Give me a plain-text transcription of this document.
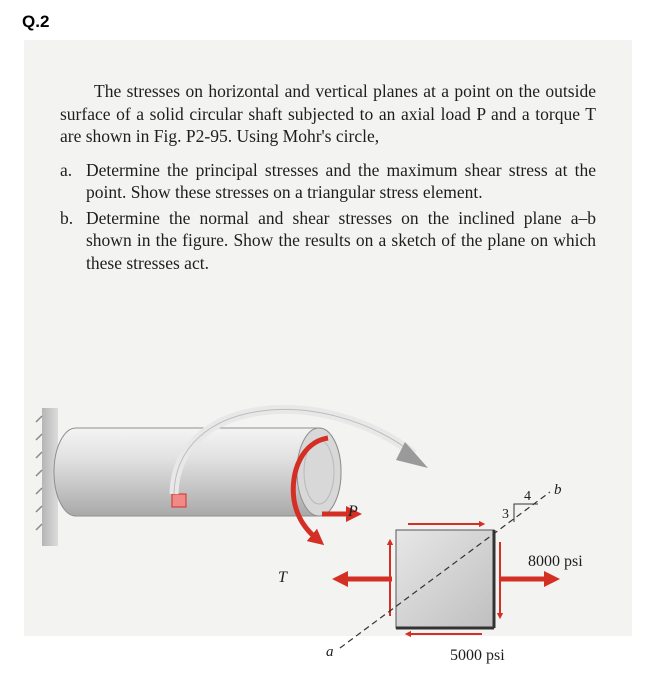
Q.2

The stresses on horizontal and vertical planes at a point on the outside surface of a solid circular shaft subjected to an axial load P and a torque T are shown in Fig. P2-95. Using Mohr's circle,

a. Determine the principal stresses and the maximum shear stress at the point. Show these stresses on a triangular stress element.
b. Determine the normal and shear stresses on the inclined plane a–b shown in the figure. Show the results on a sketch of the plane on which these stresses act.
T
P
a
b
4
3
8000 psi
5000 psi
